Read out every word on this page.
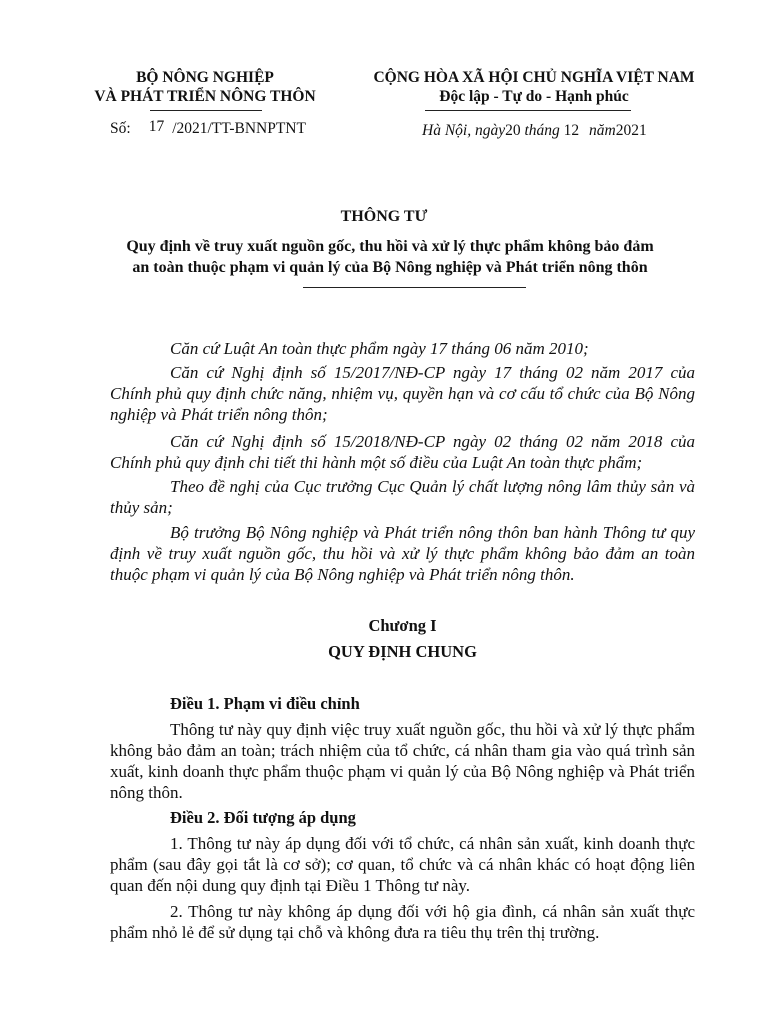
BỘ NÔNG NGHIỆP
VÀ PHÁT TRIỂN NÔNG THÔN
CỘNG HÒA XÃ HỘI CHỦ NGHĨA VIỆT NAM
Độc lập - Tự do - Hạnh phúc
Số: 17 /2021/TT-BNNPTNT	Hà Nội, ngày20 tháng 12 năm2021
THÔNG TƯ
Quy định về truy xuất nguồn gốc, thu hồi và xử lý thực phẩm không bảo đảm
an toàn thuộc phạm vi quản lý của Bộ Nông nghiệp và Phát triển nông thôn
Căn cứ Luật An toàn thực phẩm ngày 17 tháng 06 năm 2010;
Căn cứ Nghị định số 15/2017/NĐ-CP ngày 17 tháng 02 năm 2017 của Chính phủ quy định chức năng, nhiệm vụ, quyền hạn và cơ cấu tổ chức của Bộ Nông nghiệp và Phát triển nông thôn;
Căn cứ Nghị định số 15/2018/NĐ-CP ngày 02 tháng 02 năm 2018 của Chính phủ quy định chi tiết thi hành một số điều của Luật An toàn thực phẩm;
Theo đề nghị của Cục trưởng Cục Quản lý chất lượng nông lâm thủy sản và thủy sản;
Bộ trưởng Bộ Nông nghiệp và Phát triển nông thôn ban hành Thông tư quy định về truy xuất nguồn gốc, thu hồi và xử lý thực phẩm không bảo đảm an toàn thuộc phạm vi quản lý của Bộ Nông nghiệp và Phát triển nông thôn.
Chương I
QUY ĐỊNH CHUNG
Điều 1. Phạm vi điều chỉnh
Thông tư này quy định việc truy xuất nguồn gốc, thu hồi và xử lý thực phẩm không bảo đảm an toàn; trách nhiệm của tổ chức, cá nhân tham gia vào quá trình sản xuất, kinh doanh thực phẩm thuộc phạm vi quản lý của Bộ Nông nghiệp và Phát triển nông thôn.
Điều 2. Đối tượng áp dụng
1. Thông tư này áp dụng đối với tổ chức, cá nhân sản xuất, kinh doanh thực phẩm (sau đây gọi tắt là cơ sở); cơ quan, tổ chức và cá nhân khác có hoạt động liên quan đến nội dung quy định tại Điều 1 Thông tư này.
2. Thông tư này không áp dụng đối với hộ gia đình, cá nhân sản xuất thực phẩm nhỏ lẻ để sử dụng tại chỗ và không đưa ra tiêu thụ trên thị trường.
